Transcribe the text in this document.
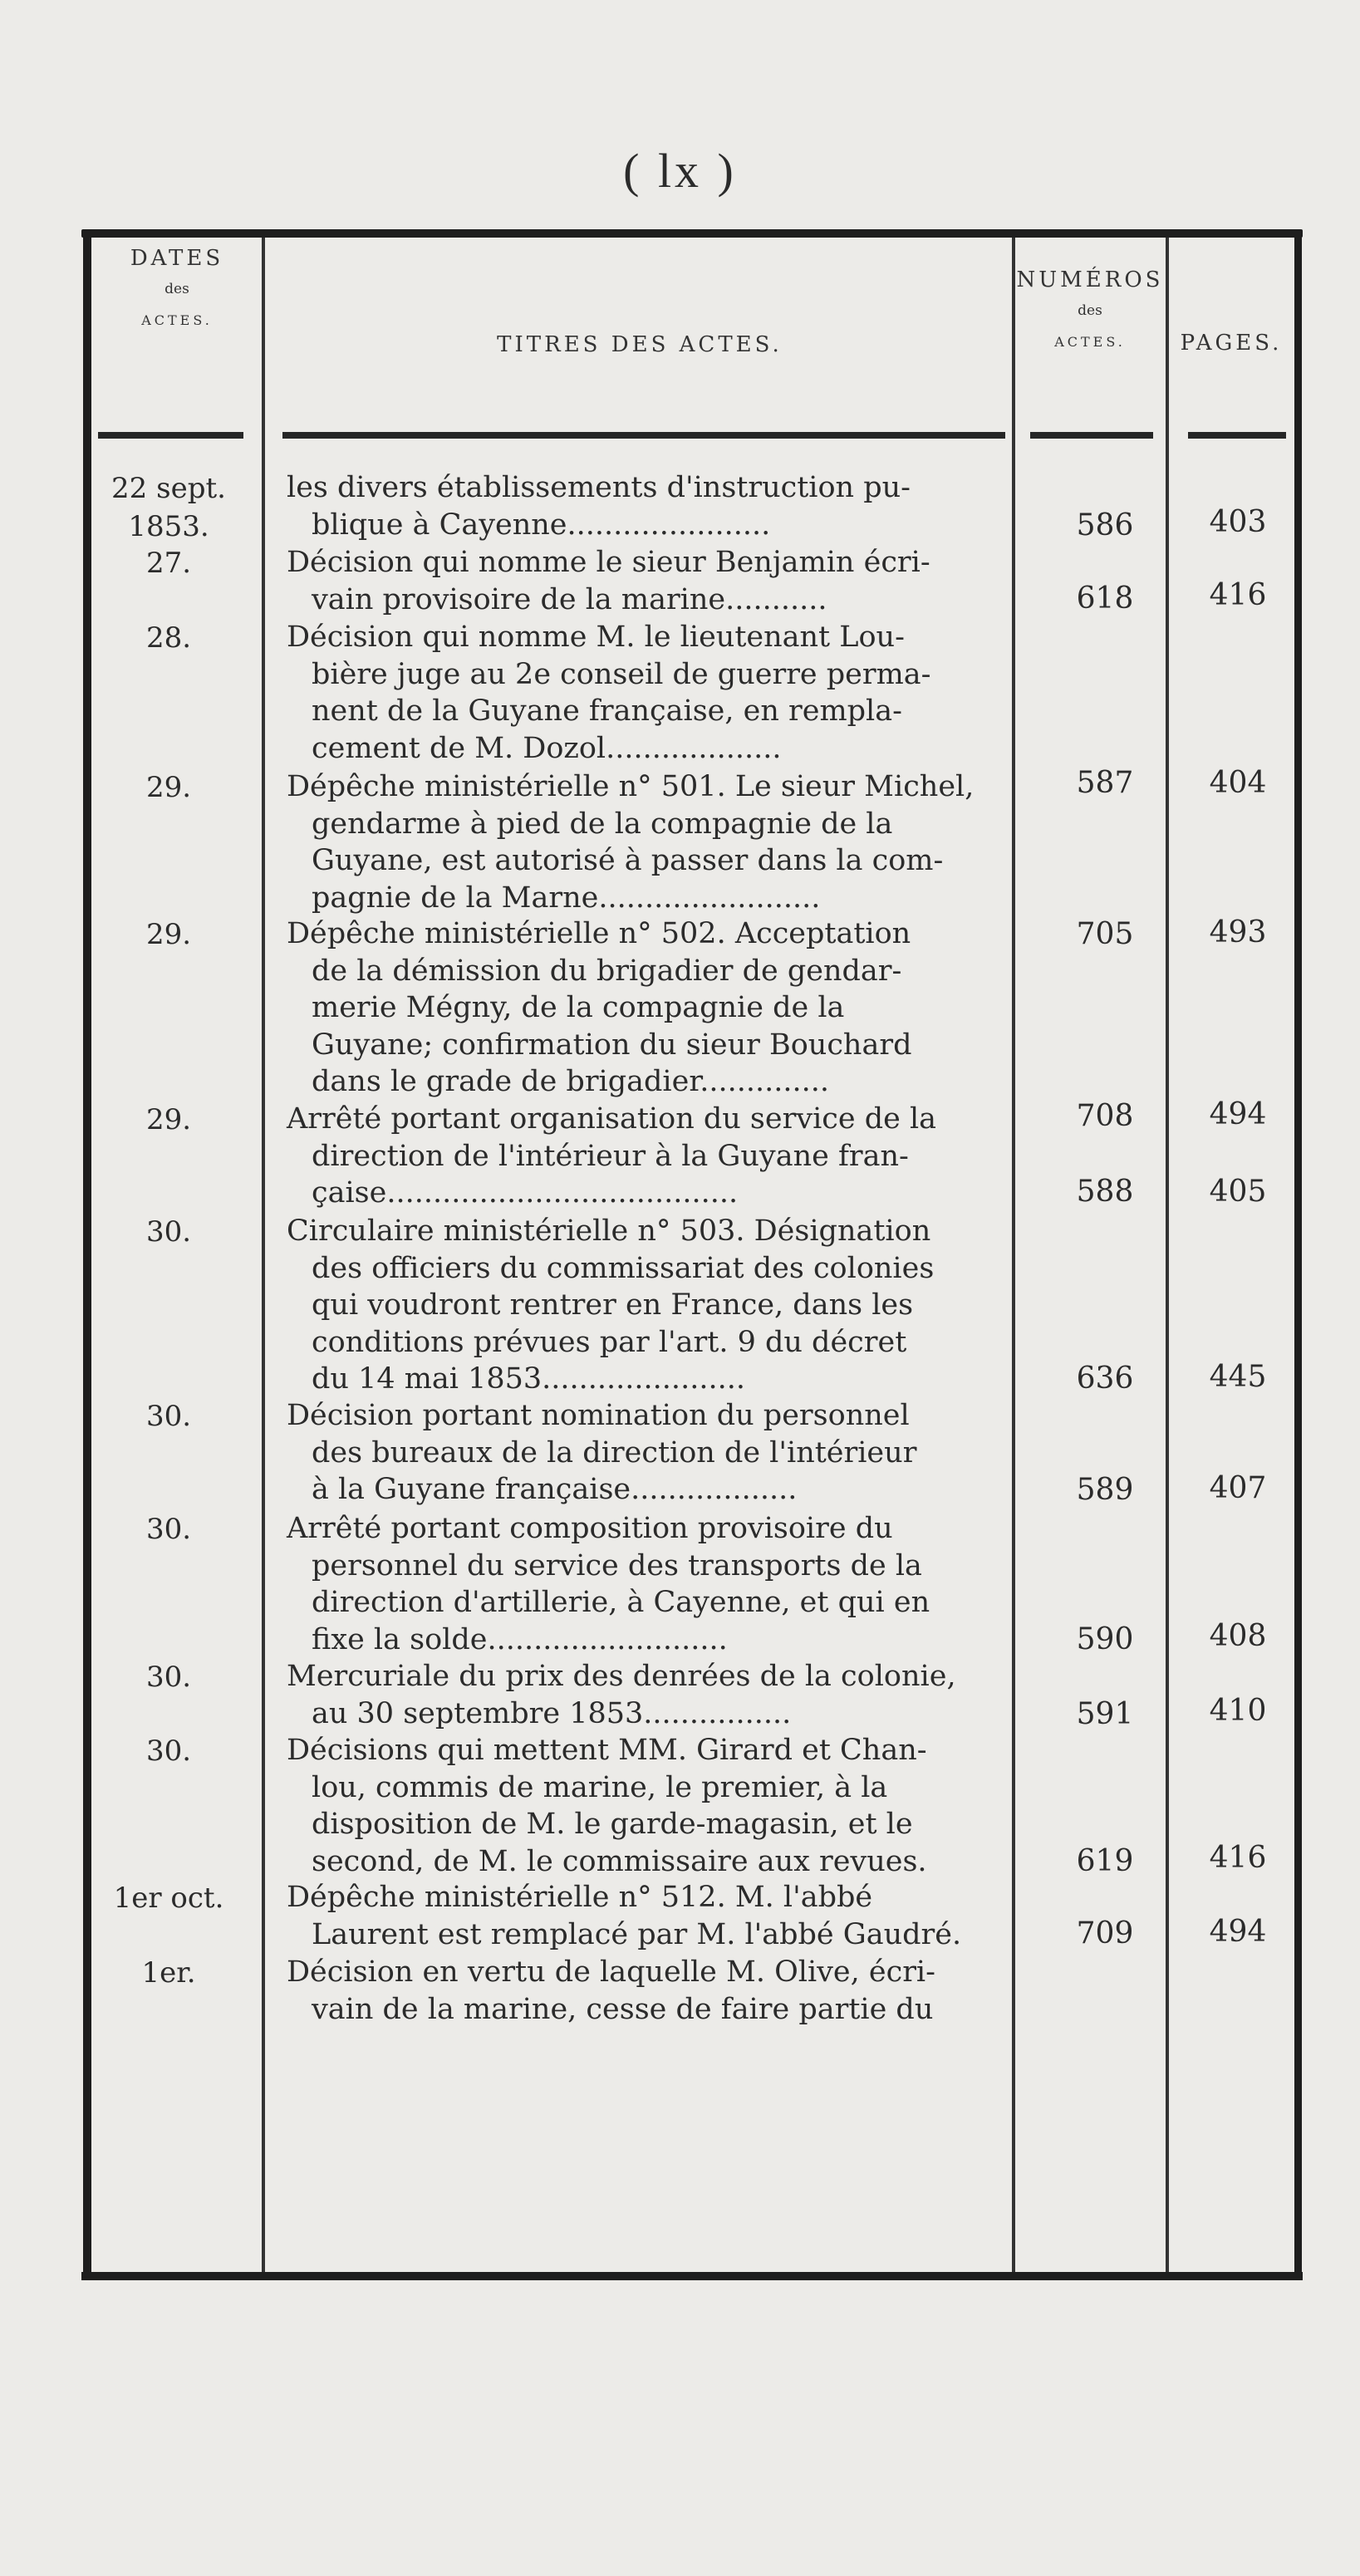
( lx )
DATES
des
ACTES.
TITRES DES ACTES.
NUMÉROS
des
ACTES.	PAGES.
22 sept.
1853.
les divers établissements d'instruction pu-
blique à Cayenne......................	586	403
27.	Décision qui nomme le sieur Benjamin écri-
vain provisoire de la marine...........	618	416
28.	Décision qui nomme M. le lieutenant Lou-
bière juge au 2e conseil de guerre perma-
nent de la Guyane française, en rempla-
cement de M. Dozol...................
587	404
29.	Dépêche ministérielle n° 501. Le sieur Michel,
gendarme à pied de la compagnie de la
Guyane, est autorisé à passer dans la com-
pagnie de la Marne........................
705	493
29.	Dépêche ministérielle n° 502. Acceptation
de la démission du brigadier de gendar-
merie Mégny, de la compagnie de la
Guyane; confirmation du sieur Bouchard
dans le grade de brigadier..............
708	494
29.	Arrêté portant organisation du service de la
direction de l'intérieur à la Guyane fran-
çaise......................................	588	405
30.	Circulaire ministérielle n° 503. Désignation
des officiers du commissariat des colonies
qui voudront rentrer en France, dans les
conditions prévues par l'art. 9 du décret
du 14 mai 1853......................	636	445
30.	Décision portant nomination du personnel
des bureaux de la direction de l'intérieur
à la Guyane française..................	589	407
30.	Arrêté portant composition provisoire du
personnel du service des transports de la
direction d'artillerie, à Cayenne, et qui en
fixe la solde..........................	590	408
30.	Mercuriale du prix des denrées de la colonie,
au 30 septembre 1853................	591	410
30.	Décisions qui mettent MM. Girard et Chan-
lou, commis de marine, le premier, à la
disposition de M. le garde-magasin, et le
second, de M. le commissaire aux revues.	619	416
1er oct.	Dépêche ministérielle n° 512. M. l'abbé
Laurent est remplacé par M. l'abbé Gaudré.	709	494
1er.	Décision en vertu de laquelle M. Olive, écri-
vain de la marine, cesse de faire partie du
